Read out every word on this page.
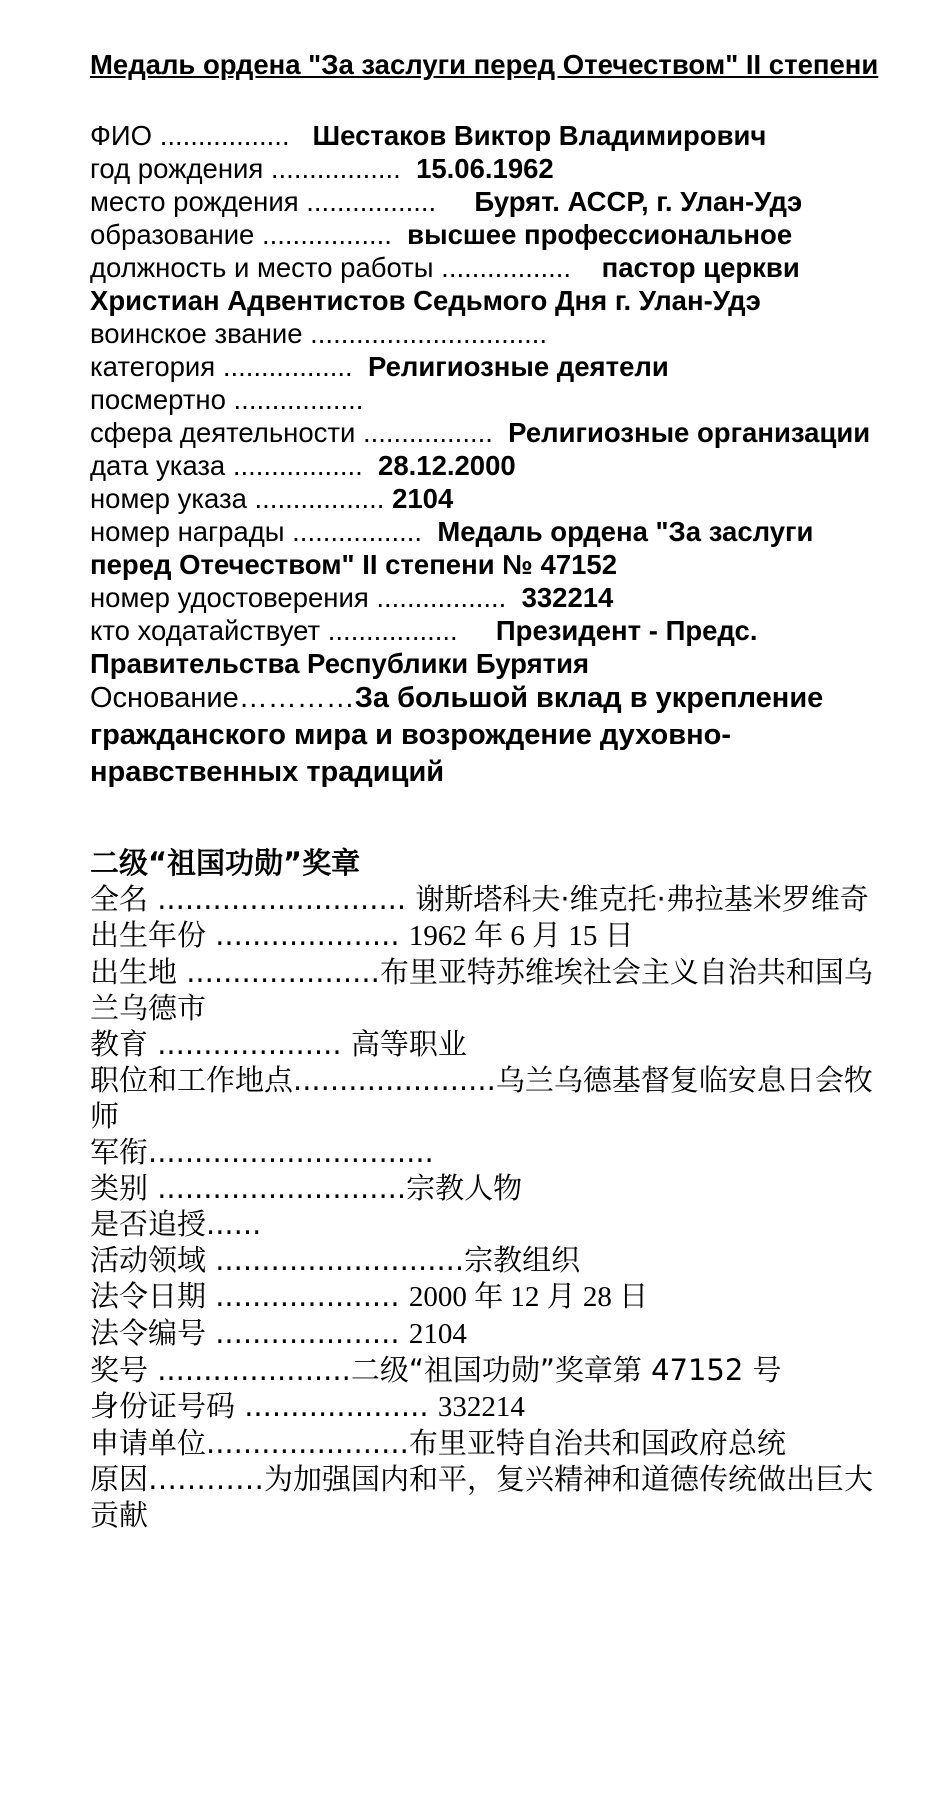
Медаль ордена "За заслуги перед Отечеством" II степени

ФИО .................   Шестаков Виктор Владимирович

год рождения .................  15.06.1962

место рождения .................     Бурят. АССР, г. Улан-Удэ

образование .................  высшее профессиональное

должность и место работы .................    пастор церкви Христиан Адвентистов Седьмого Дня г. Улан-Удэ

воинское звание ...............................

категория .................  Религиозные деятели

посмертно .................

сфера деятельности .................  Религиозные организации

дата указа .................  28.12.2000

номер указа ................. 2104

номер награды .................  Медаль ордена "За заслуги перед Отечеством" II степени № 47152

номер удостоверения .................  332214

кто ходатайствует .................     Президент - Предс. Правительства Республики Бурятия

Основание…………За большой вклад в укрепление гражданского мира и возрождение духовно-нравственных традиций

二级“祖国功勋”奖章

全名 ........................... 谢斯塔科夫·维克托·弗拉基米罗维奇

出生年份 .................... 1962 年 6 月 15 日

出生地 .....................布里亚特苏维埃社会主义自治共和国乌兰乌德市

教育 .................... 高等职业

职位和工作地点......................乌兰乌德基督复临安息日会牧师

军衔...............................

类别 ...........................宗教人物

是否追授......

活动领域 ...........................宗教组织

法令日期 .................... 2000 年 12 月 28 日

法令编号 .................... 2104

奖号 .....................二级“祖国功勋”奖章第 47152 号

身份证号码 .................... 332214

申请单位......................布里亚特自治共和国政府总统

原因…………为加强国内和平，复兴精神和道德传统做出巨大贡献
